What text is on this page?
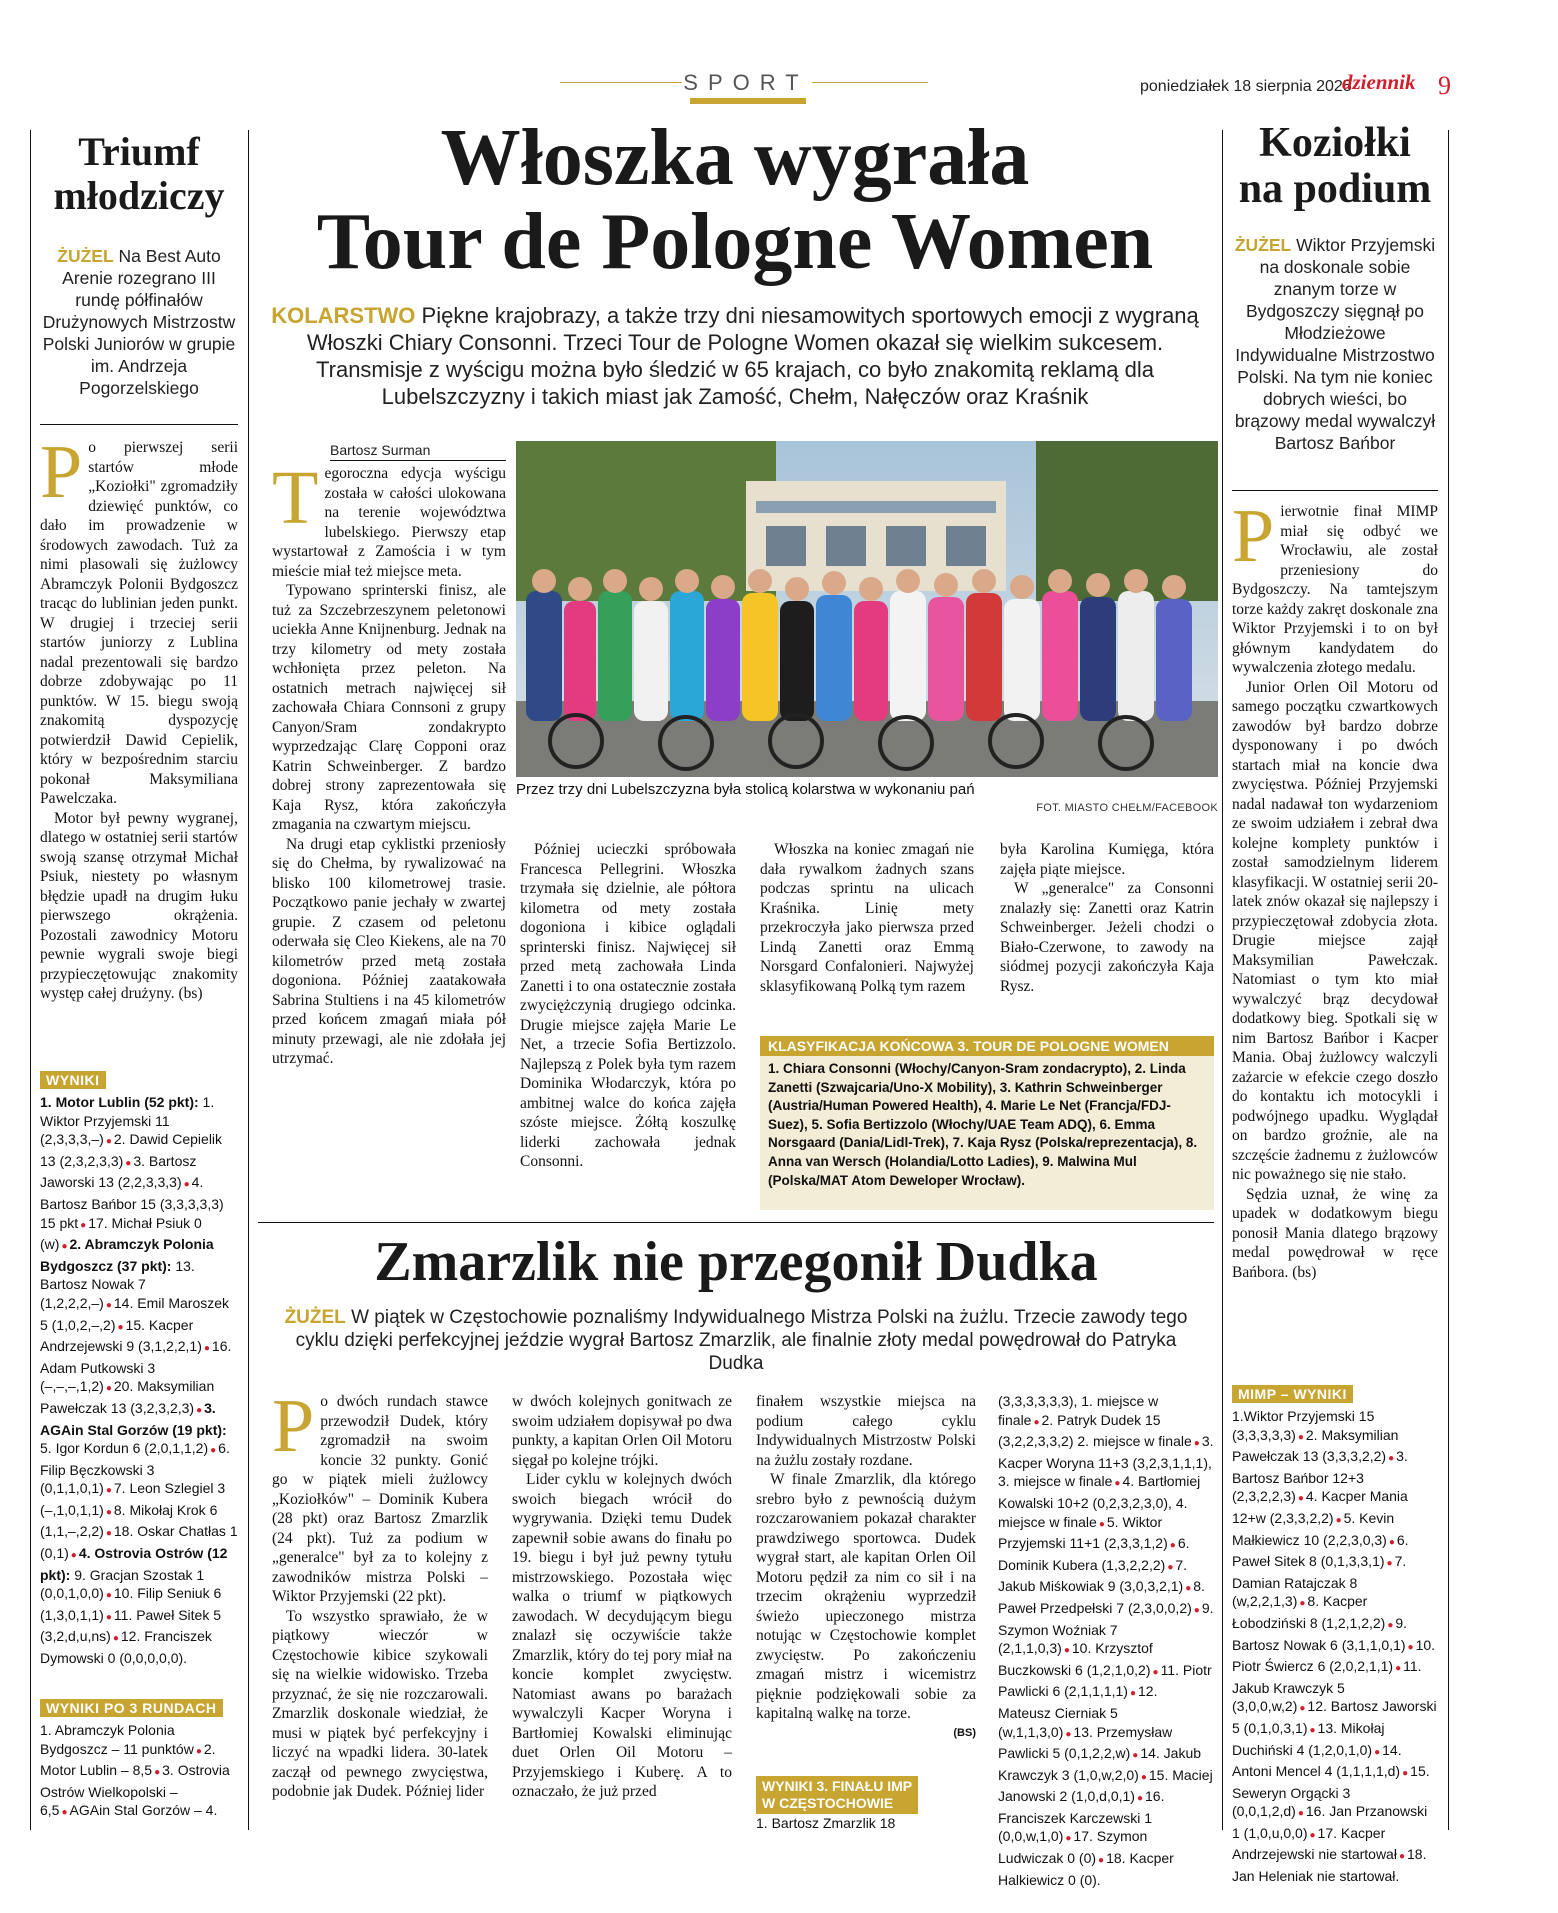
SPORT	poniedziałek 18 sierpnia 2025
dziennik 9
Triumf młodziczy
ŻUŻEL Na Best Auto Arenie rozegrano III rundę półfinałów Drużynowych Mistrzostw Polski Juniorów w grupie im. Andrzeja Pogorzelskiego
P o pierwszej serii startów młode „Koziołki" zgromadziły dziewięć punktów, co dało im prowadzenie w środowych zawodach. Tuż za nimi plasowali się żużlowcy Abramczyk Polonii Bydgoszcz tracąc do lublinian jeden punkt. W drugiej i trzeciej serii startów juniorzy z Lublina nadal prezentowali się bardzo dobrze zdobywając po 11 punktów. W 15. biegu swoją znakomitą dyspozycję potwierdził Dawid Cepielik, który w bezpośrednim starciu pokonał Maksymiliana Pawelczaka.

Motor był pewny wygranej, dlatego w ostatniej serii startów swoją szansę otrzymał Michał Psiuk, niestety po własnym błędzie upadł na drugim łuku pierwszego okrążenia. Pozostali zawodnicy Motoru pewnie wygrali swoje biegi przypieczętowując znakomity występ całej drużyny. (bs)

WYNIKI
1. Motor Lublin (52 pkt): 1. Wiktor Przyjemski 11 (2,3,3,3,–) ● 2. Dawid Cepielik 13 (2,3,2,3,3) ● 3. Bartosz Jaworski 13 (2,2,3,3,3) ● 4. Bartosz Bańbor 15 (3,3,3,3,3) 15 pkt ● 17. Michał Psiuk 0 (w) ● 2. Abramczyk Polonia Bydgoszcz (37 pkt): 13. Bartosz Nowak 7 (1,2,2,2,–) ● 14. Emil Maroszek 5 (1,0,2,–,2) ● 15. Kacper Andrzejewski 9 (3,1,2,2,1) ● 16. Adam Putkowski 3 (–,–,–,1,2) ● 20. Maksymilian Pawełczak 13 (3,2,3,2,3) ● 3. AGAin Stal Gorzów (19 pkt): 5. Igor Kordun 6 (2,0,1,1,2) ● 6. Filip Bęczkowski 3 (0,1,1,0,1) ● 7. Leon Szlegiel 3 (–,1,0,1,1) ● 8. Mikołaj Krok 6 (1,1,–,2,2) ● 18. Oskar Chatłas 1 (0,1) ● 4. Ostrovia Ostrów (12 pkt): 9. Gracjan Szostak 1 (0,0,1,0,0) ● 10. Filip Seniuk 6 (1,3,0,1,1) ● 11. Paweł Sitek 5 (3,2,d,u,ns) ● 12. Franciszek Dymowski 0 (0,0,0,0,0).
WYNIKI PO 3 RUNDACH
1. Abramczyk Polonia Bydgoszcz – 11 punktów ● 2. Motor Lublin – 8,5 ● 3. Ostrovia Ostrów Wielkopolski – 6,5 ● AGAin Stal Gorzów – 4.
Włoszka wygrała
Tour de Pologne Women
KOLARSTWO Piękne krajobrazy, a także trzy dni niesamowitych sportowych emocji z wygraną Włoszki Chiary Consonni. Trzeci Tour de Pologne Women okazał się wielkim sukcesem. Transmisje z wyścigu można było śledzić w 65 krajach, co było znakomitą reklamą dla Lubelszczyzny i takich miast jak Zamość, Chełm, Nałęczów oraz Kraśnik
Bartosz Surman
T egoroczna edycja wyścigu została w całości ulokowana na terenie województwa lubelskiego. Pierwszy etap wystartował z Zamościa i w tym mieście miał też miejsce meta.

Typowano sprinterski finisz, ale tuż za Szczebrzeszynem peletonowi uciekła Anne Knijnenburg. Jednak na trzy kilometry od mety została wchłonięta przez peleton. Na ostatnich metrach najwięcej sił zachowała Chiara Connsoni z grupy Canyon/Sram zondakrypto wyprzedzając Clarę Copponi oraz Katrin Schweinberger. Z bardzo dobrej strony zaprezentowała się Kaja Rysz, która zakończyła zmagania na czwartym miejscu.

Na drugi etap cyklistki przeniosły się do Chełma, by rywalizować na blisko 100 kilometrowej trasie. Początkowo panie jechały w zwartej grupie. Z czasem od peletonu oderwała się Cleo Kiekens, ale na 70 kilometrów przed metą została dogoniona. Później zaatakowała Sabrina Stultiens i na 45 kilometrów przed końcem zmagań miała pół minuty przewagi, ale nie zdołała jej utrzymać.

Przez trzy dni Lubelszczyzna była stolicą kolarstwa w wykonaniu pań
FOT. MIASTO CHEŁM/FACEBOOK

Później ucieczki spróbowała Francesca Pellegrini. Włoszka trzymała się dzielnie, ale półtora kilometra od mety została dogoniona i kibice oglądali sprinterski finisz. Najwięcej sił przed metą zachowała Linda Zanetti i to ona ostatecznie została zwyciężczynią drugiego odcinka. Drugie miejsce zajęła Marie Le Net, a trzecie Sofia Bertizzolo. Najlepszą z Polek była tym razem Dominika Włodarczyk, która po ambitnej walce do końca zajęła szóste miejsce. Żółtą koszulkę liderki zachowała jednak Consonni.

Włoszka na koniec zmagań nie dała rywalkom żadnych szans podczas sprintu na ulicach Kraśnika. Linię mety przekroczyła jako pierwsza przed Lindą Zanetti oraz Emmą Norsgard Confalonieri. Najwyżej sklasyfikowaną Polką tym razem

była Karolina Kumięga, która zajęła piąte miejsce.

W „generalce" za Consonni znalazły się: Zanetti oraz Katrin Schweinberger. Jeżeli chodzi o Biało-Czerwone, to zawody na siódmej pozycji zakończyła Kaja Rysz.

KLASYFIKACJA KOŃCOWA 3. TOUR DE POLOGNE WOMEN
1. Chiara Consonni (Włochy/Canyon-Sram zondacrypto), 2. Linda Zanetti (Szwajcaria/Uno-X Mobility), 3. Kathrin Schweinberger (Austria/Human Powered Health), 4. Marie Le Net (Francja/FDJ-Suez), 5. Sofia Bertizzolo (Włochy/UAE Team ADQ), 6. Emma Norsgaard (Dania/Lidl-Trek), 7. Kaja Rysz (Polska/reprezentacja), 8. Anna van Wersch (Holandia/Lotto Ladies), 9. Malwina Mul (Polska/MAT Atom Deweloper Wrocław).
Zmarzlik nie przegonił Dudka
ŻUŻEL W piątek w Częstochowie poznaliśmy Indywidualnego Mistrza Polski na żużlu. Trzecie zawody tego cyklu dzięki perfekcyjnej jeździe wygrał Bartosz Zmarzlik, ale finalnie złoty medal powędrował do Patryka Dudka
P o dwóch rundach stawce przewodził Dudek, który zgromadził na swoim koncie 32 punkty. Gonić go w piątek mieli żużlowcy „Koziołków" – Dominik Kubera (28 pkt) oraz Bartosz Zmarzlik (24 pkt). Tuż za podium w „generalce" był za to kolejny z zawodników mistrza Polski – Wiktor Przyjemski (22 pkt).

To wszystko sprawiało, że w piątkowy wieczór w Częstochowie kibice szykowali się na wielkie widowisko. Trzeba przyznać, że się nie rozczarowali. Zmarzlik doskonale wiedział, że musi w piątek być perfekcyjny i liczyć na wpadki lidera. 30-latek zaczął od pewnego zwycięstwa, podobnie jak Dudek. Później lider

w dwóch kolejnych gonitwach ze swoim udziałem dopisywał po dwa punkty, a kapitan Orlen Oil Motoru sięgał po kolejne trójki.

Lider cyklu w kolejnych dwóch swoich biegach wrócił do wygrywania. Dzięki temu Dudek zapewnił sobie awans do finału po 19. biegu i był już pewny tytułu mistrzowskiego. Pozostała więc walka o triumf w piątkowych zawodach. W decydującym biegu znalazł się oczywiście także Zmarzlik, który do tej pory miał na koncie komplet zwycięstw. Natomiast awans po barażach wywalczyli Kacper Woryna i Bartłomiej Kowalski eliminując duet Orlen Oil Motoru – Przyjemskiego i Kuberę. A to oznaczało, że już przed

finałem wszystkie miejsca na podium całego cyklu Indywidualnych Mistrzostw Polski na żużlu zostały rozdane.

W finale Zmarzlik, dla którego srebro było z pewnością dużym rozczarowaniem pokazał charakter prawdziwego sportowca. Dudek wygrał start, ale kapitan Orlen Oil Motoru pędził za nim co sił i na trzecim okrążeniu wyprzedził świeżo upieczonego mistrza notując w Częstochowie komplet zwycięstw. Po zakończeniu zmagań mistrz i wicemistrz pięknie podziękowali sobie za kapitalną walkę na torze.

(BS)
WYNIKI 3. FINAŁU IMP
W CZĘSTOCHOWIE
1. Bartosz Zmarzlik 18
(3,3,3,3,3,3), 1. miejsce w finale ● 2. Patryk Dudek 15 (3,2,2,3,3,2) 2. miejsce w finale ● 3. Kacper Woryna 11+3 (3,2,3,1,1,1), 3. miejsce w finale ● 4. Bartłomiej Kowalski 10+2 (0,2,3,2,3,0), 4. miejsce w finale ● 5. Wiktor Przyjemski 11+1 (2,3,3,1,2) ● 6. Dominik Kubera (1,3,2,2,2) ● 7. Jakub Miśkowiak 9 (3,0,3,2,1) ● 8. Paweł Przedpełski 7 (2,3,0,0,2) ● 9. Szymon Woźniak 7 (2,1,1,0,3) ● 10. Krzysztof Buczkowski 6 (1,2,1,0,2) ● 11. Piotr Pawlicki 6 (2,1,1,1,1) ● 12. Mateusz Cierniak 5 (w,1,1,3,0) ● 13. Przemysław Pawlicki 5 (0,1,2,2,w) ● 14. Jakub Krawczyk 3 (1,0,w,2,0) ● 15. Maciej Janowski 2 (1,0,d,0,1) ● 16. Franciszek Karczewski 1 (0,0,w,1,0) ● 17. Szymon Ludwiczak 0 (0) ● 18. Kacper Halkiewicz 0 (0).
Koziołki na podium
ŻUŻEL Wiktor Przyjemski na doskonale sobie znanym torze w Bydgoszczy sięgnął po Młodzieżowe Indywidualne Mistrzostwo Polski. Na tym nie koniec dobrych wieści, bo brązowy medal wywalczył Bartosz Bańbor
P ierwotnie finał MIMP miał się odbyć we Wrocławiu, ale został przeniesiony do Bydgoszczy. Na tamtejszym torze każdy zakręt doskonale zna Wiktor Przyjemski i to on był głównym kandydatem do wywalczenia złotego medalu.

Junior Orlen Oil Motoru od samego początku czwartkowych zawodów był bardzo dobrze dysponowany i po dwóch startach miał na koncie dwa zwycięstwa. Później Przyjemski nadal nadawał ton wydarzeniom ze swoim udziałem i zebrał dwa kolejne komplety punktów i został samodzielnym liderem klasyfikacji. W ostatniej serii 20-latek znów okazał się najlepszy i przypieczętował zdobycia złota. Drugie miejsce zajął Maksymilian Pawełczak. Natomiast o tym kto miał wywalczyć brąz decydował dodatkowy bieg. Spotkali się w nim Bartosz Bańbor i Kacper Mania. Obaj żużlowcy walczyli zażarcie w efekcie czego doszło do kontaktu ich motocykli i podwójnego upadku. Wyglądał on bardzo groźnie, ale na szczęście żadnemu z żużlowców nic poważnego się nie stało.

Sędzia uznał, że winę za upadek w dodatkowym biegu ponosił Mania dlatego brązowy medal powędrował w ręce Bańbora. (bs)

MIMP – WYNIKI
1.Wiktor Przyjemski 15 (3,3,3,3,3) ● 2. Maksymilian Pawełczak 13 (3,3,3,2,2) ● 3. Bartosz Bańbor 12+3 (2,3,2,2,3) ● 4. Kacper Mania 12+w (2,3,3,2,2) ● 5. Kevin Małkiewicz 10 (2,2,3,0,3) ● 6. Paweł Sitek 8 (0,1,3,3,1) ● 7. Damian Ratajczak 8 (w,2,2,1,3) ● 8. Kacper Łobodziński 8 (1,2,1,2,2) ● 9. Bartosz Nowak 6 (3,1,1,0,1) ● 10. Piotr Świercz 6 (2,0,2,1,1) ● 11. Jakub Krawczyk 5 (3,0,0,w,2) ● 12. Bartosz Jaworski 5 (0,1,0,3,1) ● 13. Mikołaj Duchiński 4 (1,2,0,1,0) ● 14. Antoni Mencel 4 (1,1,1,1,d) ● 15. Seweryn Orgącki 3 (0,0,1,2,d) ● 16. Jan Przanowski 1 (1,0,u,0,0) ● 17. Kacper Andrzejewski nie startował ● 18. Jan Heleniak nie startował.
